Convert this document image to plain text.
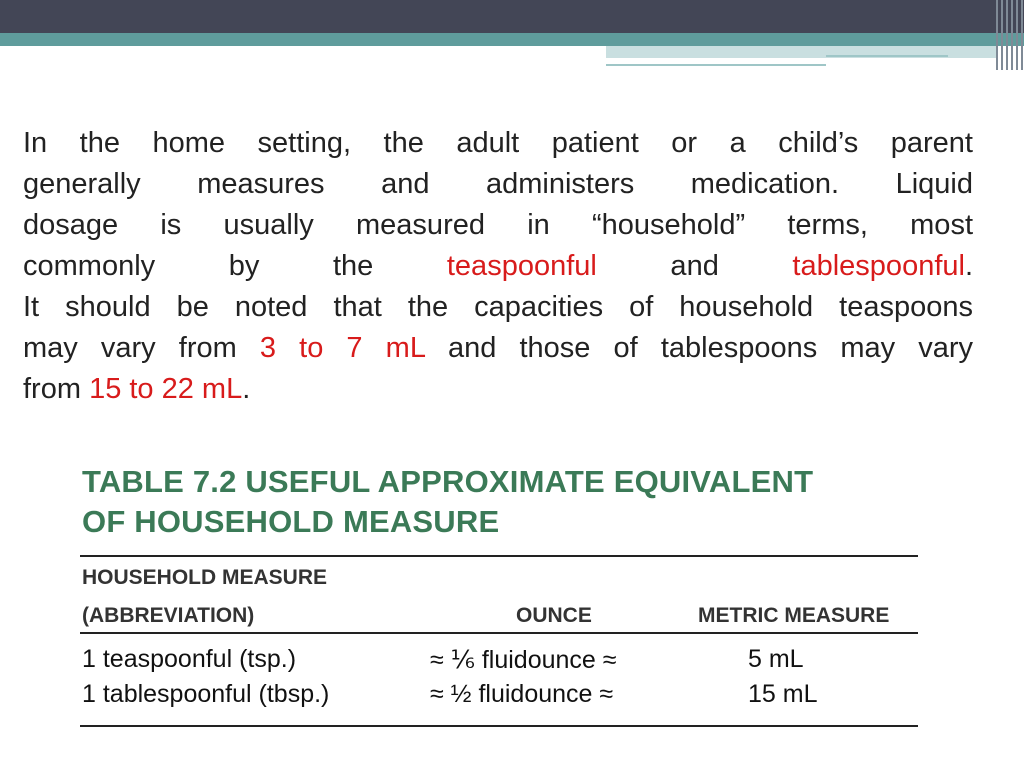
In the home setting, the adult patient or a child’s parent
generally measures and administers medication. Liquid
dosage is usually measured in “household” terms, most
commonly by the teaspoonful and tablespoonful.
It should be noted that the capacities of household teaspoons
may vary from 3 to 7 mL and those of tablespoons may vary
from 15 to 22 mL.

TABLE 7.2 USEFUL APPROXIMATE EQUIVALENT
OF HOUSEHOLD MEASURE
HOUSEHOLD MEASURE
(ABBREVIATION)	OUNCE	METRIC MEASURE
1 teaspoonful (tsp.)	≈ ⅙ fluidounce ≈	5 mL
1 tablespoonful (tbsp.)	≈ ½ fluidounce ≈	15 mL
